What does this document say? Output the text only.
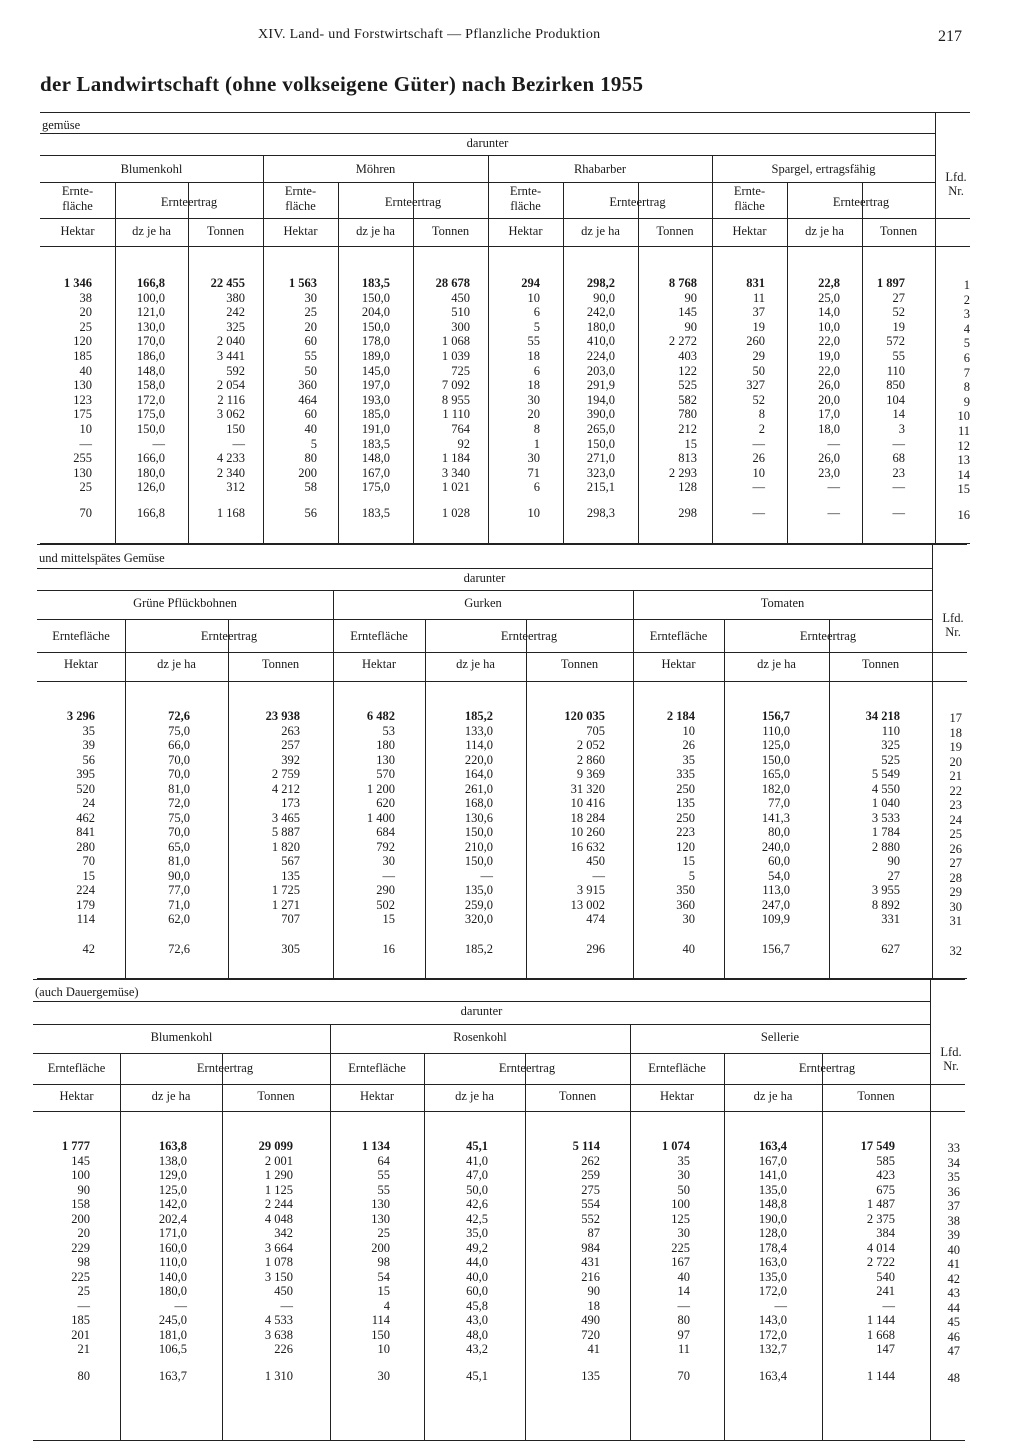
XIV. Land- und Forstwirtschaft — Pflanzliche Produktion	217
der Landwirtschaft (ohne volkseigene Güter) nach Bezirken 1955
gemüse
darunter
Lfd.
Nr.
Blumenkohl	Möhren	Rhabarber	Spargel, ertragsfähig
Ernte-
fläche	Ernteertrag
Hektar	dz je ha	Tonnen
Ernte-
fläche	Ernteertrag
Hektar	dz je ha	Tonnen
Ernte-
fläche	Ernteertrag
Hektar	dz je ha	Tonnen
Ernte-
fläche	Ernteertrag
Hektar	dz je ha	Tonnen
1 346	166,8	22 455	1 563	183,5	28 678	294	298,2	8 768	831	22,8	1 897	1
38	100,0	380	30	150,0	450	10	90,0	90	11	25,0	27	2
20	121,0	242	25	204,0	510	6	242,0	145	37	14,0	52	3
25	130,0	325	20	150,0	300	5	180,0	90	19	10,0	19	4
120	170,0	2 040	60	178,0	1 068	55	410,0	2 272	260	22,0	572	5
185	186,0	3 441	55	189,0	1 039	18	224,0	403	29	19,0	55	6
40	148,0	592	50	145,0	725	6	203,0	122	50	22,0	110	7
130	158,0	2 054	360	197,0	7 092	18	291,9	525	327	26,0	850	8
123	172,0	2 116	464	193,0	8 955	30	194,0	582	52	20,0	104	9
175	175,0	3 062	60	185,0	1 110	20	390,0	780	8	17,0	14	10
10	150,0	150	40	191,0	764	8	265,0	212	2	18,0	3	11
—	—	—	5	183,5	92	1	150,0	15	—	—	—	12
255	166,0	4 233	80	148,0	1 184	30	271,0	813	26	26,0	68	13
130	180,0	2 340	200	167,0	3 340	71	323,0	2 293	10	23,0	23	14
25	126,0	312	58	175,0	1 021	6	215,1	128	—	—	—	15
70	166,8	1 168	56	183,5	1 028	10	298,3	298	—	—	—	16
und mittelspätes Gemüse
darunter
Lfd.
Nr.
Grüne Pflückbohnen	Gurken	Tomaten
Erntefläche	Ernteertrag
Hektar	dz je ha	Tonnen
Erntefläche	Ernteertrag
Hektar	dz je ha	Tonnen
Erntefläche	Ernteertrag
Hektar	dz je ha	Tonnen
3 296	72,6	23 938	6 482	185,2	120 035	2 184	156,7	34 218	17
35	75,0	263	53	133,0	705	10	110,0	110	18
39	66,0	257	180	114,0	2 052	26	125,0	325	19
56	70,0	392	130	220,0	2 860	35	150,0	525	20
395	70,0	2 759	570	164,0	9 369	335	165,0	5 549	21
520	81,0	4 212	1 200	261,0	31 320	250	182,0	4 550	22
24	72,0	173	620	168,0	10 416	135	77,0	1 040	23
462	75,0	3 465	1 400	130,6	18 284	250	141,3	3 533	24
841	70,0	5 887	684	150,0	10 260	223	80,0	1 784	25
280	65,0	1 820	792	210,0	16 632	120	240,0	2 880	26
70	81,0	567	30	150,0	450	15	60,0	90	27
15	90,0	135	—	—	—	5	54,0	27	28
224	77,0	1 725	290	135,0	3 915	350	113,0	3 955	29
179	71,0	1 271	502	259,0	13 002	360	247,0	8 892	30
114	62,0	707	15	320,0	474	30	109,9	331	31
42	72,6	305	16	185,2	296	40	156,7	627	32
(auch Dauergemüse)
darunter
Lfd.
Nr.
Blumenkohl	Rosenkohl	Sellerie
Erntefläche	Ernteertrag
Hektar	dz je ha	Tonnen
Erntefläche	Ernteertrag
Hektar	dz je ha	Tonnen
Erntefläche	Ernteertrag
Hektar	dz je ha	Tonnen
1 777	163,8	29 099	1 134	45,1	5 114	1 074	163,4	17 549	33
145	138,0	2 001	64	41,0	262	35	167,0	585	34
100	129,0	1 290	55	47,0	259	30	141,0	423	35
90	125,0	1 125	55	50,0	275	50	135,0	675	36
158	142,0	2 244	130	42,6	554	100	148,8	1 487	37
200	202,4	4 048	130	42,5	552	125	190,0	2 375	38
20	171,0	342	25	35,0	87	30	128,0	384	39
229	160,0	3 664	200	49,2	984	225	178,4	4 014	40
98	110,0	1 078	98	44,0	431	167	163,0	2 722	41
225	140,0	3 150	54	40,0	216	40	135,0	540	42
25	180,0	450	15	60,0	90	14	172,0	241	43
—	—	—	4	45,8	18	—	—	—	44
185	245,0	4 533	114	43,0	490	80	143,0	1 144	45
201	181,0	3 638	150	48,0	720	97	172,0	1 668	46
21	106,5	226	10	43,2	41	11	132,7	147	47
80	163,7	1 310	30	45,1	135	70	163,4	1 144	48
